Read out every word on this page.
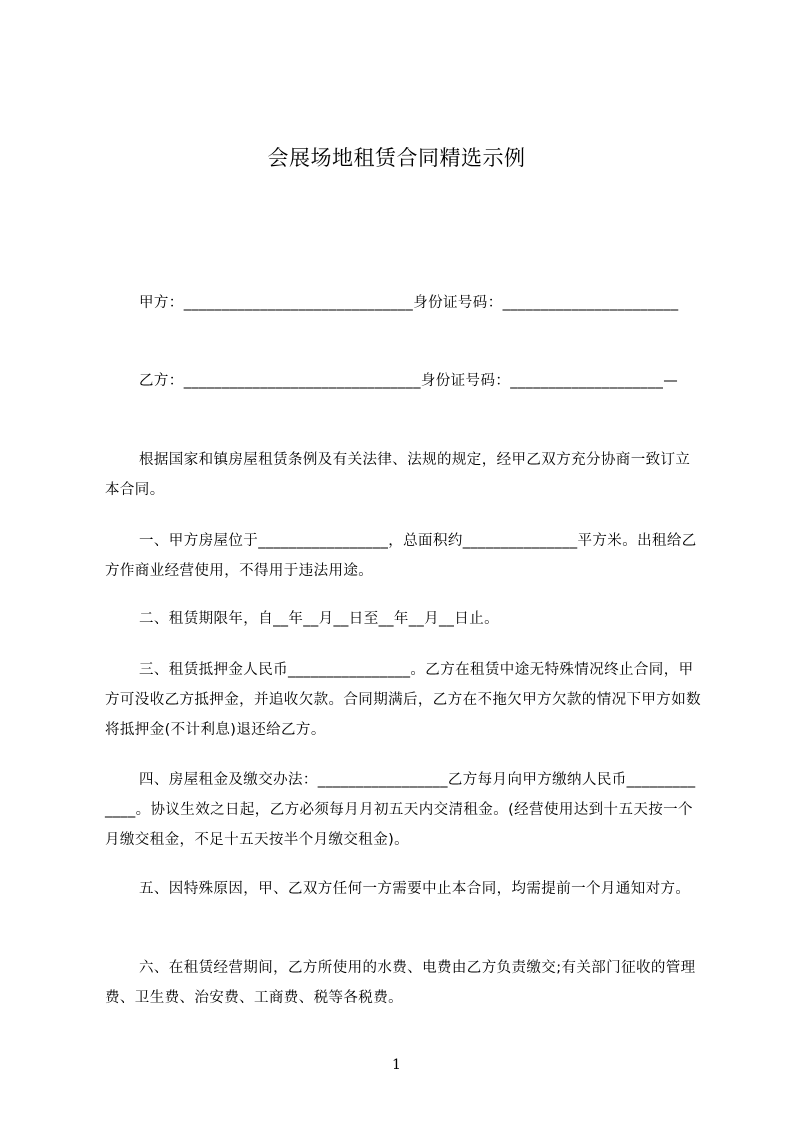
会展场地租赁合同精选示例
甲方：______________________________身份证号码：_______________________
乙方：_______________________________身份证号码：____________________—
根据国家和镇房屋租赁条例及有关法律、法规的规定，经甲乙双方充分协商一致订立本合同。
一、甲方房屋位于_________________，总面积约_______________平方米。出租给乙方作商业经营使用，不得用于违法用途。
二、租赁期限年，自__年__月__日至__年__月__日止。
三、租赁抵押金人民币________________。乙方在租赁中途无特殊情况终止合同，甲方可没收乙方抵押金，并追收欠款。合同期满后，乙方在不拖欠甲方欠款的情况下甲方如数将抵押金(不计利息)退还给乙方。
四、房屋租金及缴交办法：_________________乙方每月向甲方缴纳人民币_____________。协议生效之日起，乙方必须每月月初五天内交清租金。(经营使用达到十五天按一个月缴交租金，不足十五天按半个月缴交租金)。
五、因特殊原因，甲、乙双方任何一方需要中止本合同，均需提前一个月通知对方。
六、在租赁经营期间，乙方所使用的水费、电费由乙方负责缴交;有关部门征收的管理费、卫生费、治安费、工商费、税等各税费。
1
